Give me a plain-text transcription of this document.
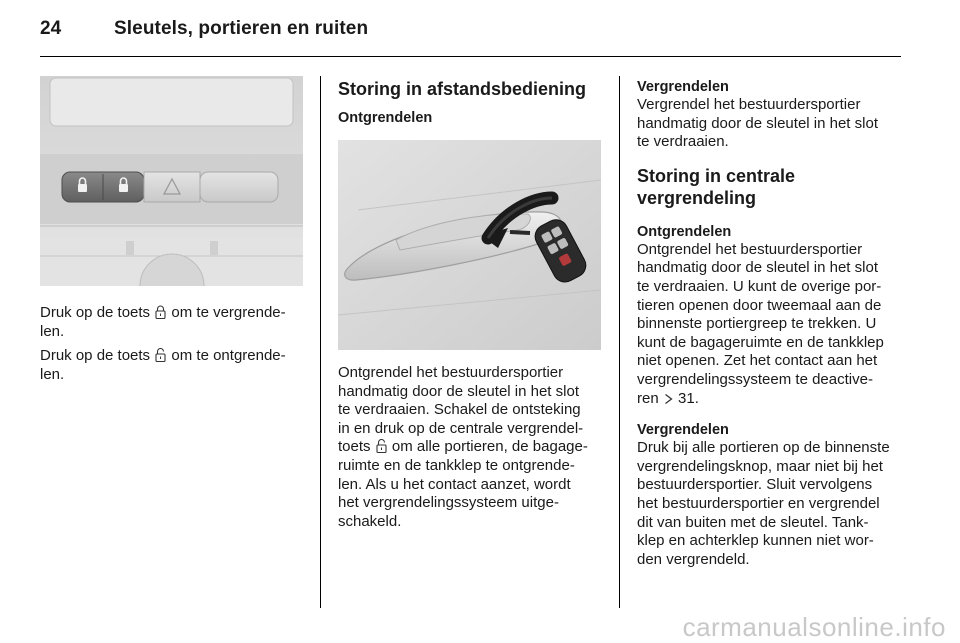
24	Sleutels, portieren en ruiten

Druk op de toets om te vergrende-
len.

Druk op de toets om te ontgrende-
len.

Storing in afstandsbediening
Ontgrendelen

Ontgrendel het bestuurdersportier
handmatig door de sleutel in het slot
te verdraaien. Schakel de ontsteking
in en druk op de centrale vergrendel-
toets om alle portieren, de bagage-
ruimte en de tankklep te ontgrende-
len. Als u het contact aanzet, wordt
het vergrendelingssysteem uitge-
schakeld.

Vergrendelen

Vergrendel het bestuurdersportier
handmatig door de sleutel in het slot
te verdraaien.

Storing in centrale
vergrendeling
Ontgrendelen

Ontgrendel het bestuurdersportier
handmatig door de sleutel in het slot
te verdraaien. U kunt de overige por-
tieren openen door tweemaal aan de
binnenste portiergreep te trekken. U
kunt de bagageruimte en de tankklep
niet openen. Zet het contact aan het
vergrendelingssysteem te deactive-
ren 31.

Vergrendelen

Druk bij alle portieren op de binnenste
vergrendelingsknop, maar niet bij het
bestuurdersportier. Sluit vervolgens
het bestuurdersportier en vergrendel
dit van buiten met de sleutel. Tank-
klep en achterklep kunnen niet wor-
den vergrendeld.

carmanualsonline.info
